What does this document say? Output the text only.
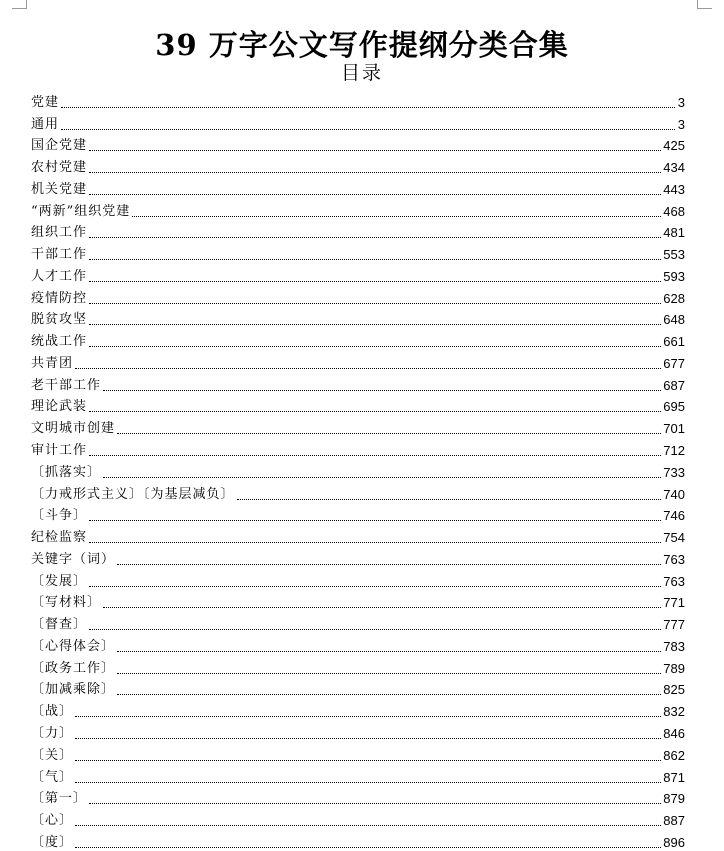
39 万字公文写作提纲分类合集
目录
党建	3
通用	3
国企党建	425
农村党建	434
机关党建	443
“两新”组织党建	468
组织工作	481
干部工作	553
人才工作	593
疫情防控	628
脱贫攻坚	648
统战工作	661
共青团	677
老干部工作	687
理论武装	695
文明城市创建	701
审计工作	712
〔抓落实〕	733
〔力戒形式主义〕〔为基层减负〕	740
〔斗争〕	746
纪检监察	754
关键字（词）	763
〔发展〕	763
〔写材料〕	771
〔督查〕	777
〔心得体会〕	783
〔政务工作〕	789
〔加减乘除〕	825
〔战〕	832
〔力〕	846
〔关〕	862
〔气〕	871
〔第一〕	879
〔心〕	887
〔度〕	896
